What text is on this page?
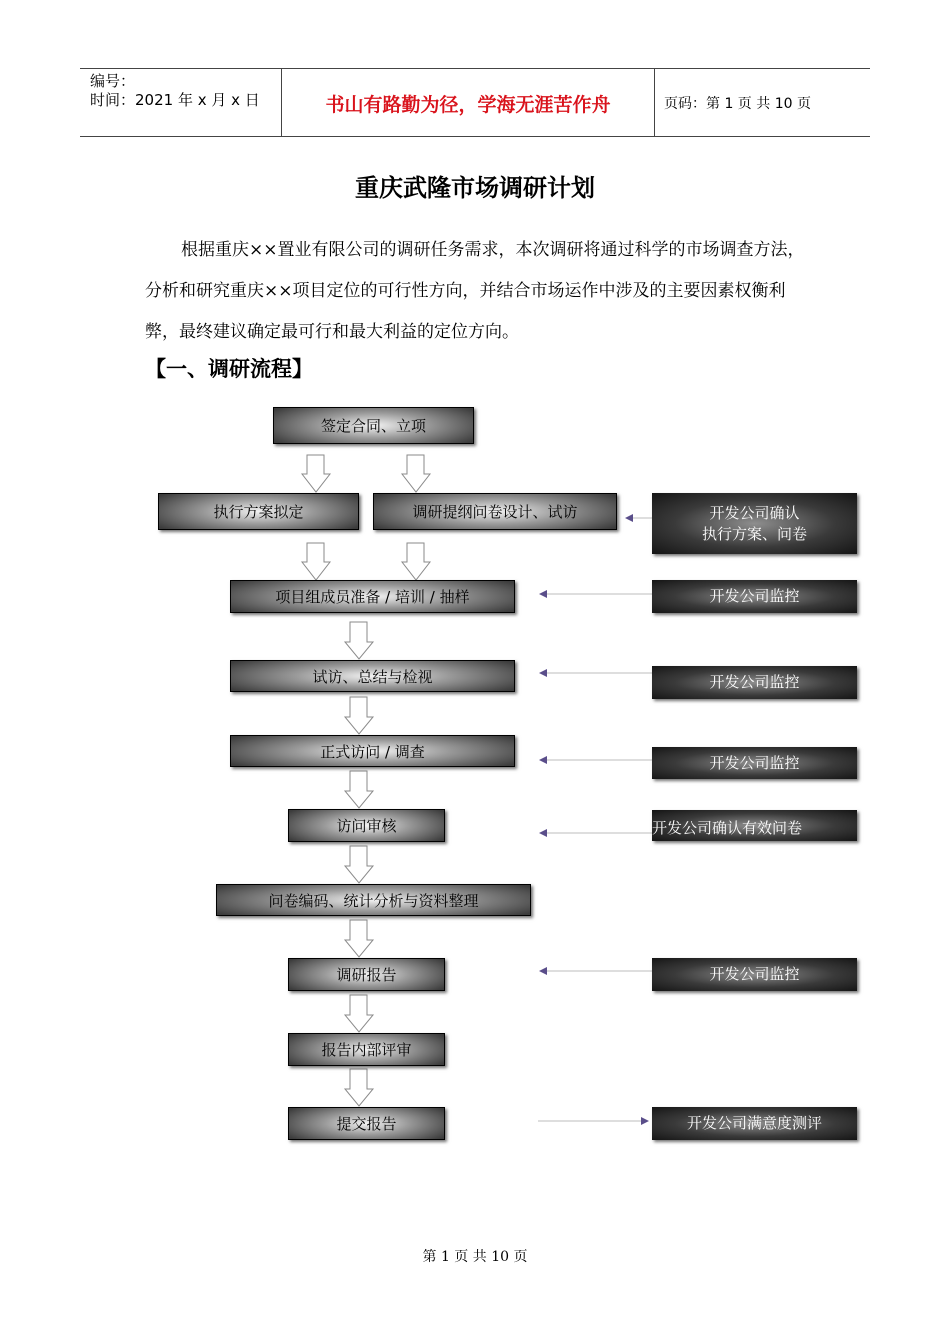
编号：
时间：2021 年 x 月 x 日	书山有路勤为径，学海无涯苦作舟	页码：第 1 页 共 10 页
重庆武隆市场调研计划

根据重庆××置业有限公司的调研任务需求，本次调研将通过科学的市场调查方法，分析和研究重庆××项目定位的可行性方向，并结合市场运作中涉及的主要因素权衡利弊，最终建议确定最可行和最大利益的定位方向。

【一、调研流程】
签定合同、立项
执行方案拟定	调研提纲问卷设计、试访
项目组成员准备 / 培训 / 抽样
试访、总结与检视
正式访问 / 调查
访问审核
问卷编码、统计分析与资料整理
调研报告
报告内部评审
提交报告
开发公司确认
执行方案、问卷
开发公司监控
开发公司监控
开发公司监控
开发公司确认有效问卷
开发公司监控
开发公司满意度测评
第 1 页 共 10 页
